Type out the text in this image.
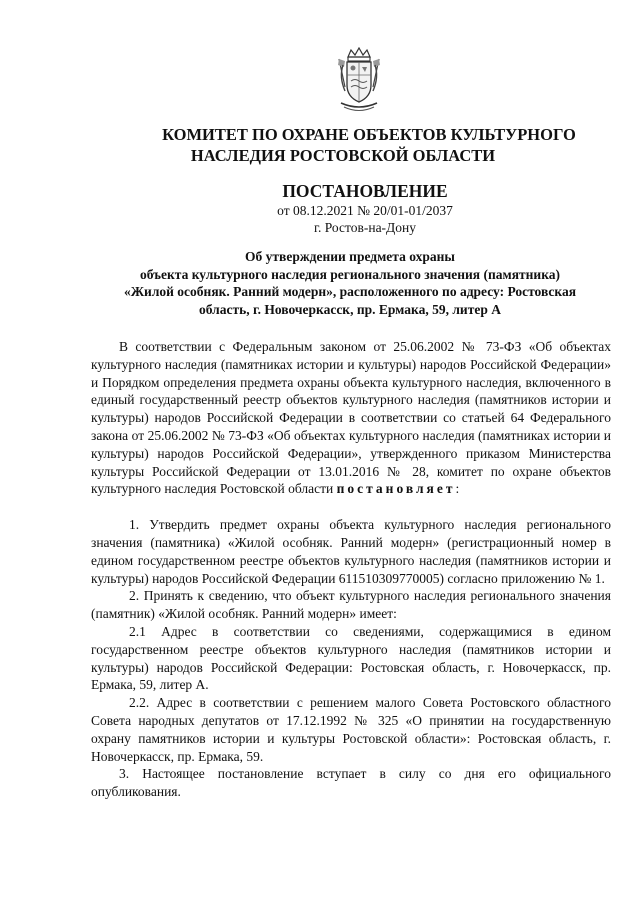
КОМИТЕТ ПО ОХРАНЕ ОБЪЕКТОВ КУЛЬТУРНОГО
НАСЛЕДИЯ РОСТОВСКОЙ ОБЛАСТИ
ПОСТАНОВЛЕНИЕ
от 08.12.2021 № 20/01-01/2037
г. Ростов-на-Дону
Об утверждении предмета охраны
объекта культурного наследия регионального значения (памятника)
«Жилой особняк. Ранний модерн», расположенного по адресу: Ростовская
область, г. Новочеркасск, пр. Ермака, 59, литер А

В соответствии с Федеральным законом от 25.06.2002 № 73-ФЗ «Об объектах культурного наследия (памятниках истории и культуры) народов Российской Федерации» и Порядком определения предмета охраны объекта культурного наследия, включенного в единый государственный реестр объектов культурного наследия (памятников истории и культуры) народов Российской Федерации в соответствии со статьей 64 Федерального закона от 25.06.2002 № 73-ФЗ «Об объектах культурного наследия (памятниках истории и культуры) народов Российской Федерации», утвержденного приказом Министерства культуры Российской Федерации от 13.01.2016 № 28, комитет по охране объектов культурного наследия Ростовской области постановляет:

1. Утвердить предмет охраны объекта культурного наследия регионального значения (памятника) «Жилой особняк. Ранний модерн» (регистрационный номер в едином государственном реестре объектов культурного наследия (памятников истории и культуры) народов Российской Федерации 611510309770005) согласно приложению № 1.

2. Принять к сведению, что объект культурного наследия регионального значения (памятник) «Жилой особняк. Ранний модерн» имеет:

2.1 Адрес в соответствии со сведениями, содержащимися в едином государственном реестре объектов культурного наследия (памятников истории и культуры) народов Российской Федерации: Ростовская область, г. Новочеркасск, пр. Ермака, 59, литер А.

2.2. Адрес в соответствии с решением малого Совета Ростовского областного Совета народных депутатов от 17.12.1992 № 325 «О принятии на государственную охрану памятников истории и культуры Ростовской области»: Ростовская область, г. Новочеркасск, пр. Ермака, 59.

3. Настоящее постановление вступает в силу со дня его официального опубликования.
